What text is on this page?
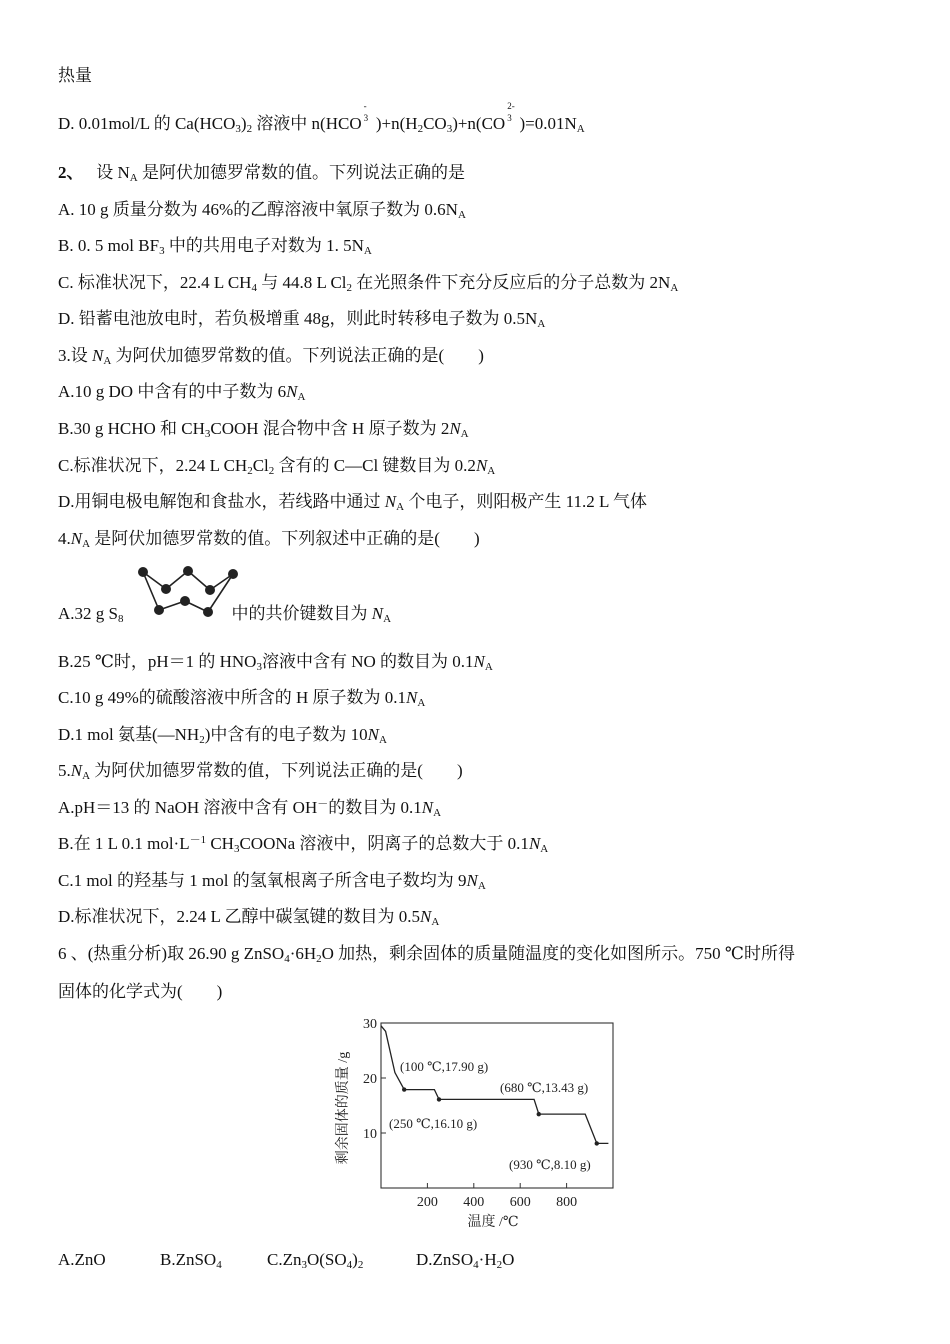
热量
D. 0.01mol/L 的 $Ca(HCO_3)_2$ 溶液中 n(HCO
-
3 )$+n(H_2CO_3)+n(CO$
2-
3 )$=0.01N_A$
2、 设 $N_A$ 是阿伏加德罗常数的值。下列说法正确的是
A. 10 g 质量分数为 46%的乙醇溶液中氧原子数为 $0.6N_A$
B. 0. 5 mol $BF_3$ 中的共用电子对数为 1. $5N_A$
C. 标准状况下，22.4 L $CH_4$ 与 44.8 L $Cl_2$ 在光照条件下充分反应后的分子总数为 $2N_A$
D. 铅蓄电池放电时，若负极增重 48g，则此时转移电子数为 $0.5N_A$
3.设 $N_A$ 为阿伏加德罗常数的值。下列说法正确的是(　　)
A.10 g DO 中含有的中子数为 $6N_A$
B.30 g HCHO 和 $CH_3COOH$ 混合物中含 H 原子数为 $2N_A$
C.标准状况下，2.24 L $CH_2Cl_2$ 含有的 C—Cl 键数目为 $0.2N_A$
D.用铜电极电解饱和食盐水，若线路中通过 $N_A$ 个电子，则阳极产生 11.2 L 气体
$4.N_A$ 是阿伏加德罗常数的值。下列叙述中正确的是(　　)
A.32 g $S_8$	中的共价键数目为 $N_A$
B.25 ℃时，pH＝1 的 $HNO_3$溶液中含有 NO 的数目为 $0.1N_A$
C.10 g 49%的硫酸溶液中所含的 H 原子数为 $0.1N_A$
D.1 mol 氨基$(—NH_2)$中含有的电子数为 $10N_A$
$5.N_A$ 为阿伏加德罗常数的值，下列说法正确的是(　　)
A.pH＝13 的 NaOH 溶液中含有 OH－的数目为 $0.1N_A$
B.在 1 L 0.1 $mol\cdot L^{-1}$ $CH_3COONa$ 溶液中，阴离子的总数大于 $0.1N_A$
C.1 mol 的羟基与 1 mol 的氢氧根离子所含电子数均为 $9N_A$
D.标准状况下，2.24 L 乙醇中碳氢键的数目为 $0.5N_A$
6 、(热重分析)取 26.90 g $ZnSO_4\cdot 6H_2O$ 加热，剩余固体的质量随温度的变化如图所示。750 ℃时所得
固体的化学式为(　　)
10
20
30
200 400 600 800
(100 ℃,17.90 g)
(250 ℃,16.10 g)
(680 ℃,13.43 g)
(930 ℃,8.10 g)
剩余固体的质量 /g
温度 /℃
A.ZnO	B.ZnSO$_4$	$C.Zn_3O(SO_4)_2$	$D.ZnSO_4\cdot H_2O$
